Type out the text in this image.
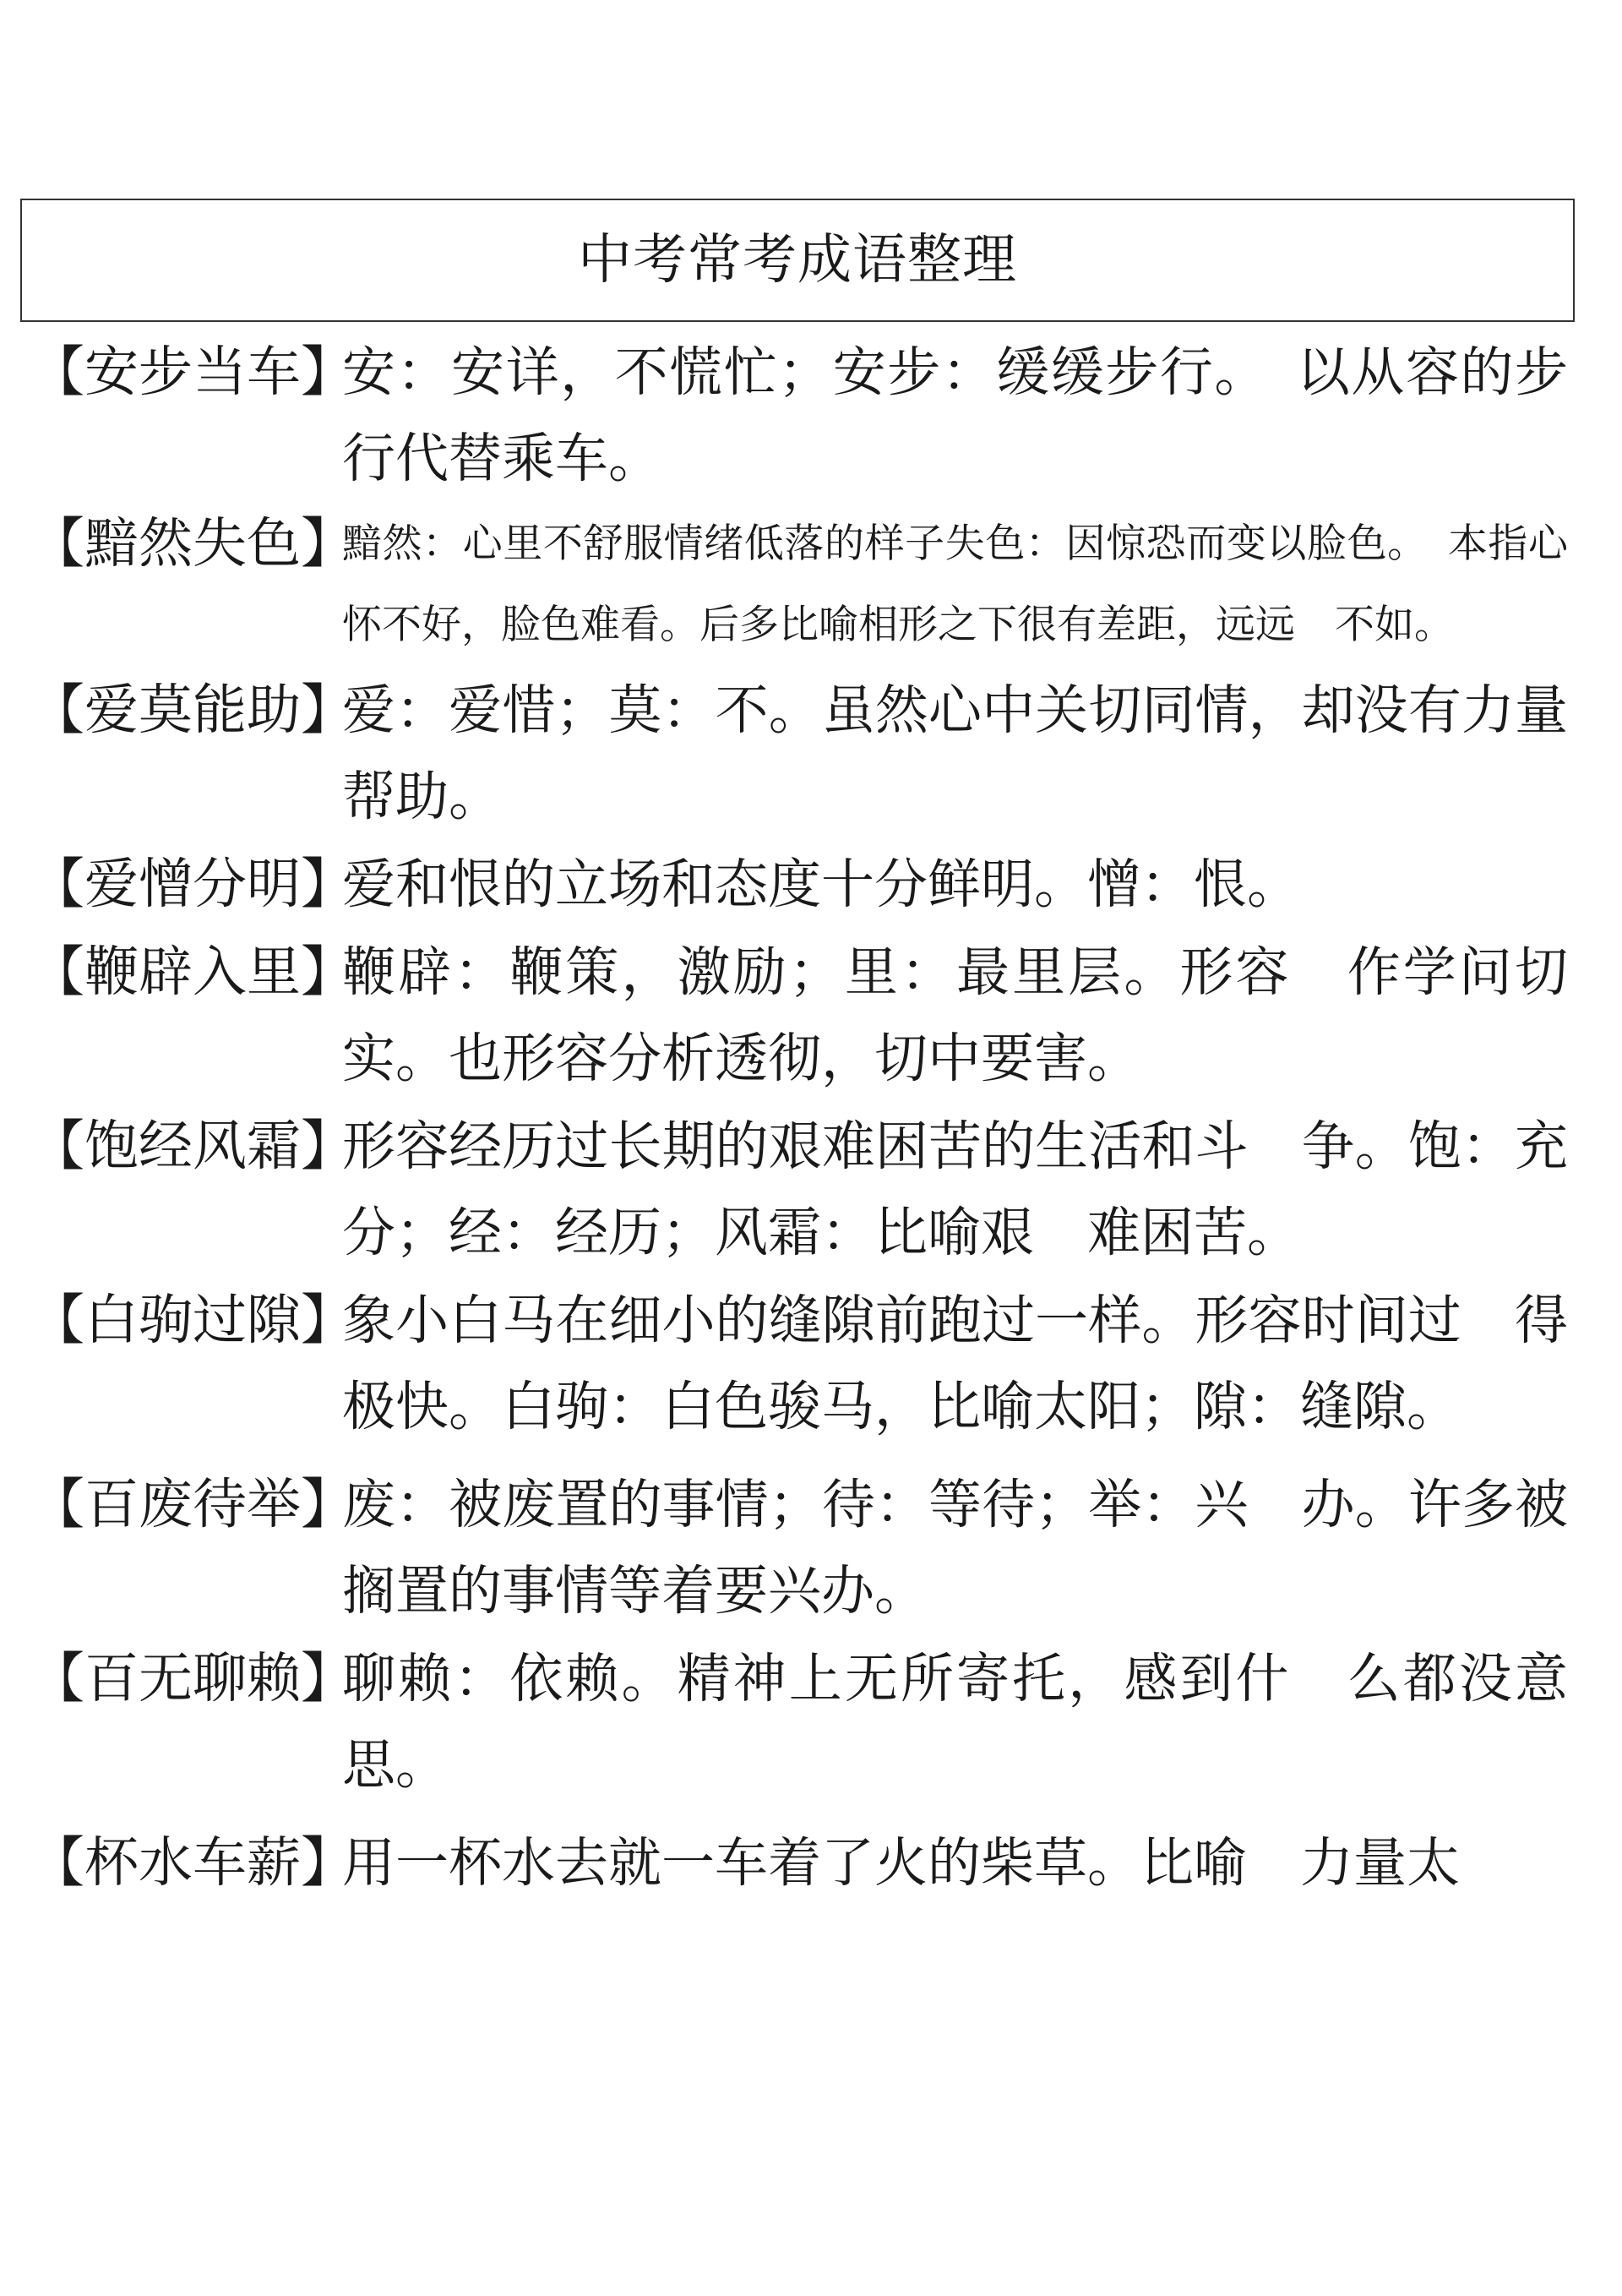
中考常考成语整理
【安步当车】
安：安详，不慌忙；安步：缓缓步行。　以从容的步行代替乘车。
【黯然失色】
黯然：心里不舒服情绪低落的样子失色：因惊恐而变以脸色。　本指心怀不好，脸色难看。后多比喻相形之下很有差距，远远　不如。
【爱莫能助】
爱：爱惜；莫：不。虽然心中关切同情，却没有力量帮助。
【爱憎分明】
爱和恨的立场和态度十分鲜明。憎：恨。
【鞭辟入里】
鞭辟：鞭策，激励；里：最里层。形容　作学问切实。也形容分析透彻，切中要害。
【饱经风霜】
形容经历过长期的艰难困苦的生活和斗　争。饱：充分；经：经历；风霜：比喻艰　难困苦。
【白驹过隙】
象小白马在细小的缝隙前跑过一样。形容时间过　得极快。白驹：白色骏马，比喻太阳；隙：缝隙。
【百废待举】
废：被废置的事情；待：等待；举：兴　办。许多被搁置的事情等着要兴办。
【百无聊赖】
聊赖：依赖。精神上无所寄托，感到什　么都没意思。
【杯水车薪】
用一杯水去就一车着了火的柴草。比喻　力量太
